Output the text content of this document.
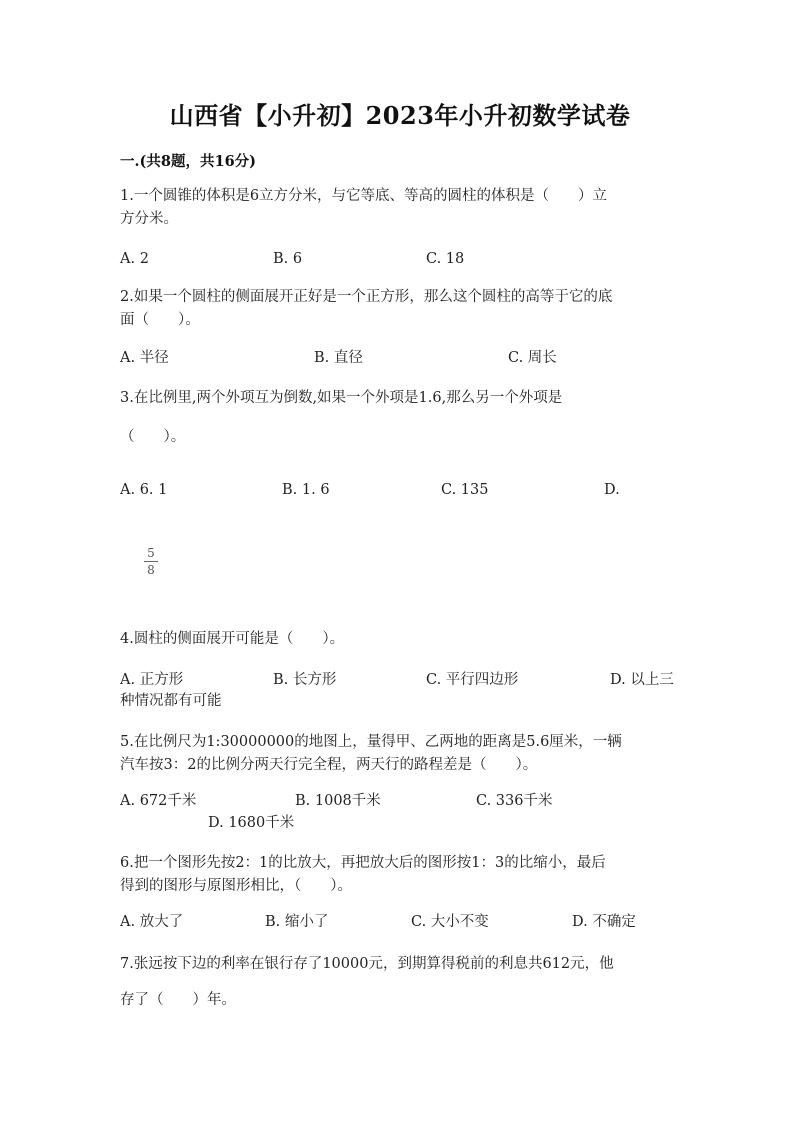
山西省【小升初】2023年小升初数学试卷
一.(共8题，共16分)
1.一个圆锥的体积是6立方分米，与它等底、等高的圆柱的体积是（　　）立
方分米。
A. 2	B. 6	C. 18
2.如果一个圆柱的侧面展开正好是一个正方形，那么这个圆柱的高等于它的底
面（　　）。
A. 半径	B. 直径	C. 周长
3.在比例里,两个外项互为倒数,如果一个外项是1.6,那么另一个外项是
（　　）。
A. 6. 1	B. 1. 6	C. 135	D.
5
8
4.圆柱的侧面展开可能是（　　）。
A. 正方形	B. 长方形	C. 平行四边形	D. 以上三
种情况都有可能
5.在比例尺为1:30000000的地图上，量得甲、乙两地的距离是5.6厘米，一辆
汽车按3：2的比例分两天行完全程，两天行的路程差是（　　）。
A. 672千米	B. 1008千米	C. 336千米
D. 1680千米
6.把一个图形先按2：1的比放大，再把放大后的图形按1：3的比缩小，最后
得到的图形与原图形相比，（　　）。
A. 放大了	B. 缩小了	C. 大小不变	D. 不确定
7.张远按下边的利率在银行存了10000元，到期算得税前的利息共612元，他
存了（　　）年。
